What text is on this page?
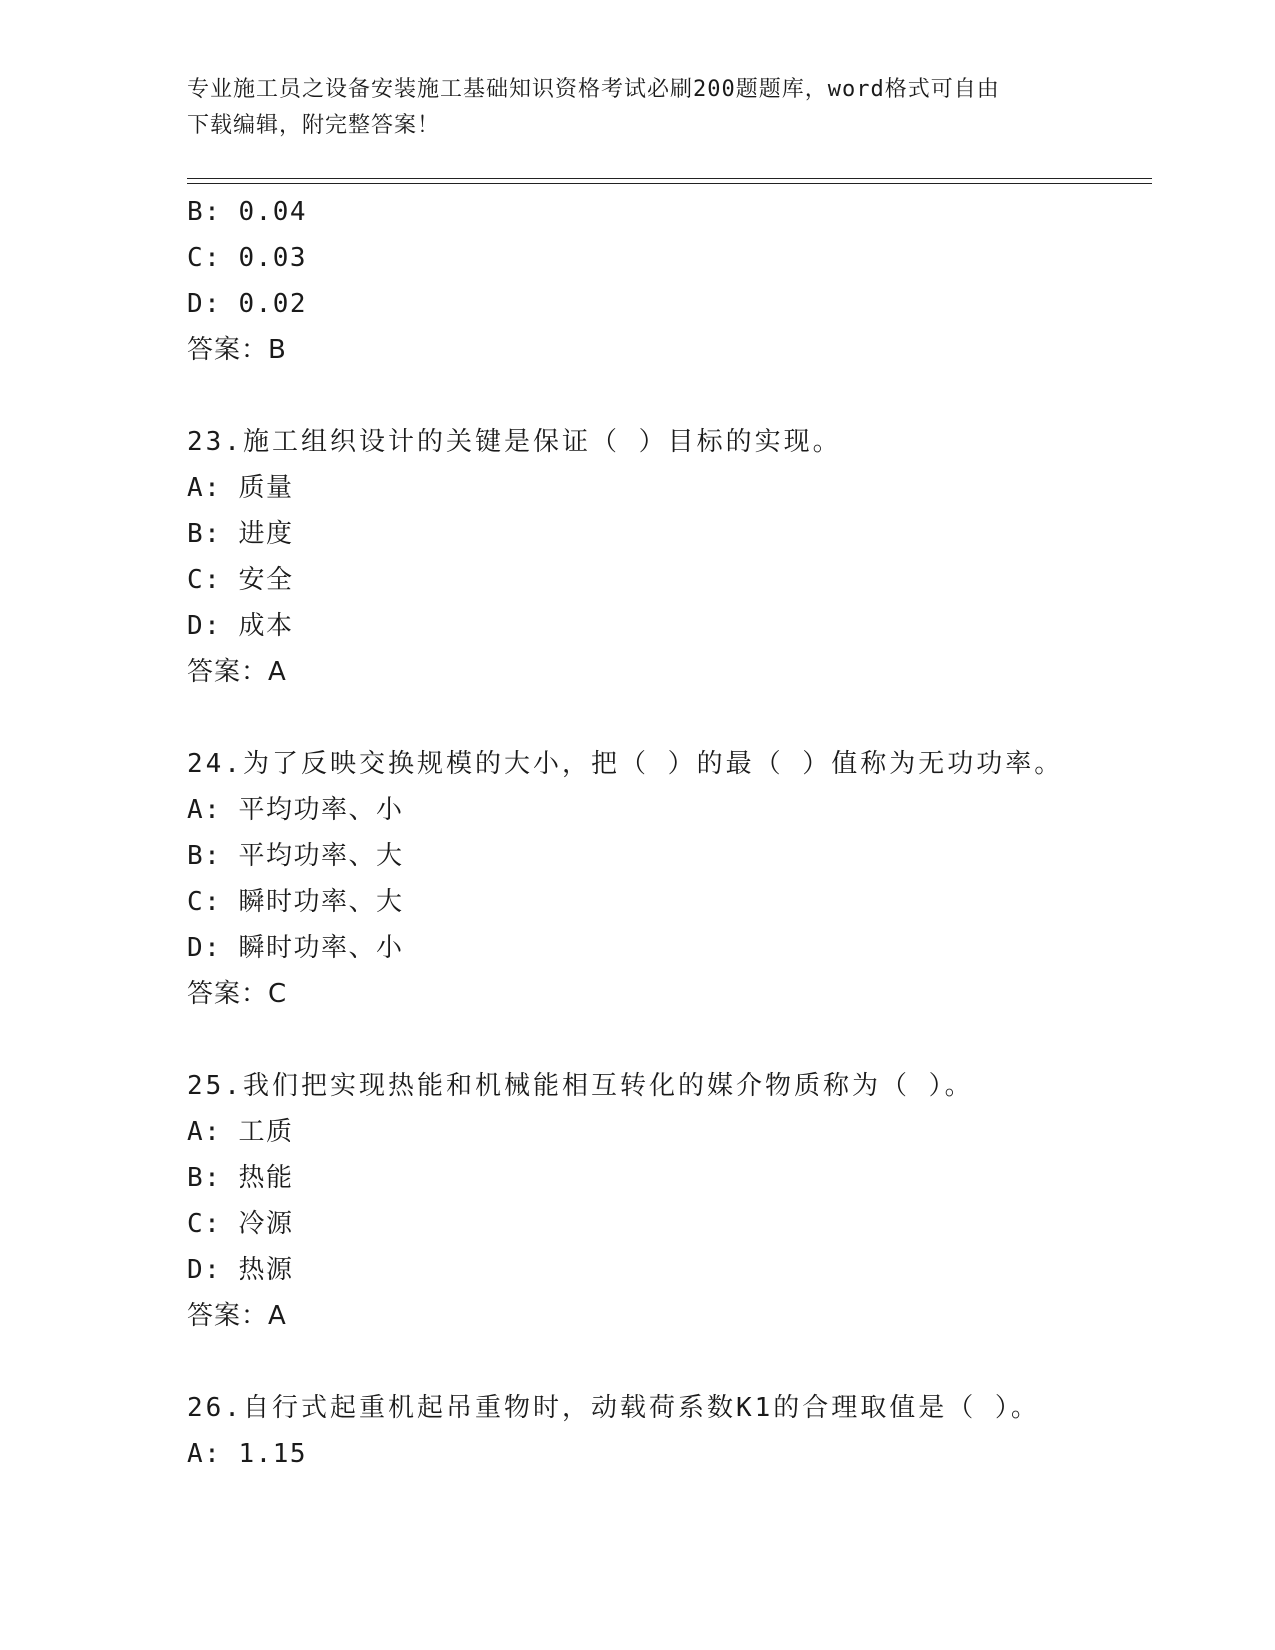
专业施工员之设备安装施工基础知识资格考试必刷200题题库，word格式可自由
下载编辑，附完整答案！
B: 0.04
C: 0.03
D: 0.02
答案：B
23.施工组织设计的关键是保证（ ）目标的实现。
A: 质量
B: 进度
C: 安全
D: 成本
答案：A
24.为了反映交换规模的大小，把（ ）的最（ ）值称为无功功率。
A: 平均功率、小
B: 平均功率、大
C: 瞬时功率、大
D: 瞬时功率、小
答案：C
25.我们把实现热能和机械能相互转化的媒介物质称为（ ）。
A: 工质
B: 热能
C: 冷源
D: 热源
答案：A
26.自行式起重机起吊重物时，动载荷系数K1的合理取值是（ ）。
A: 1.15
